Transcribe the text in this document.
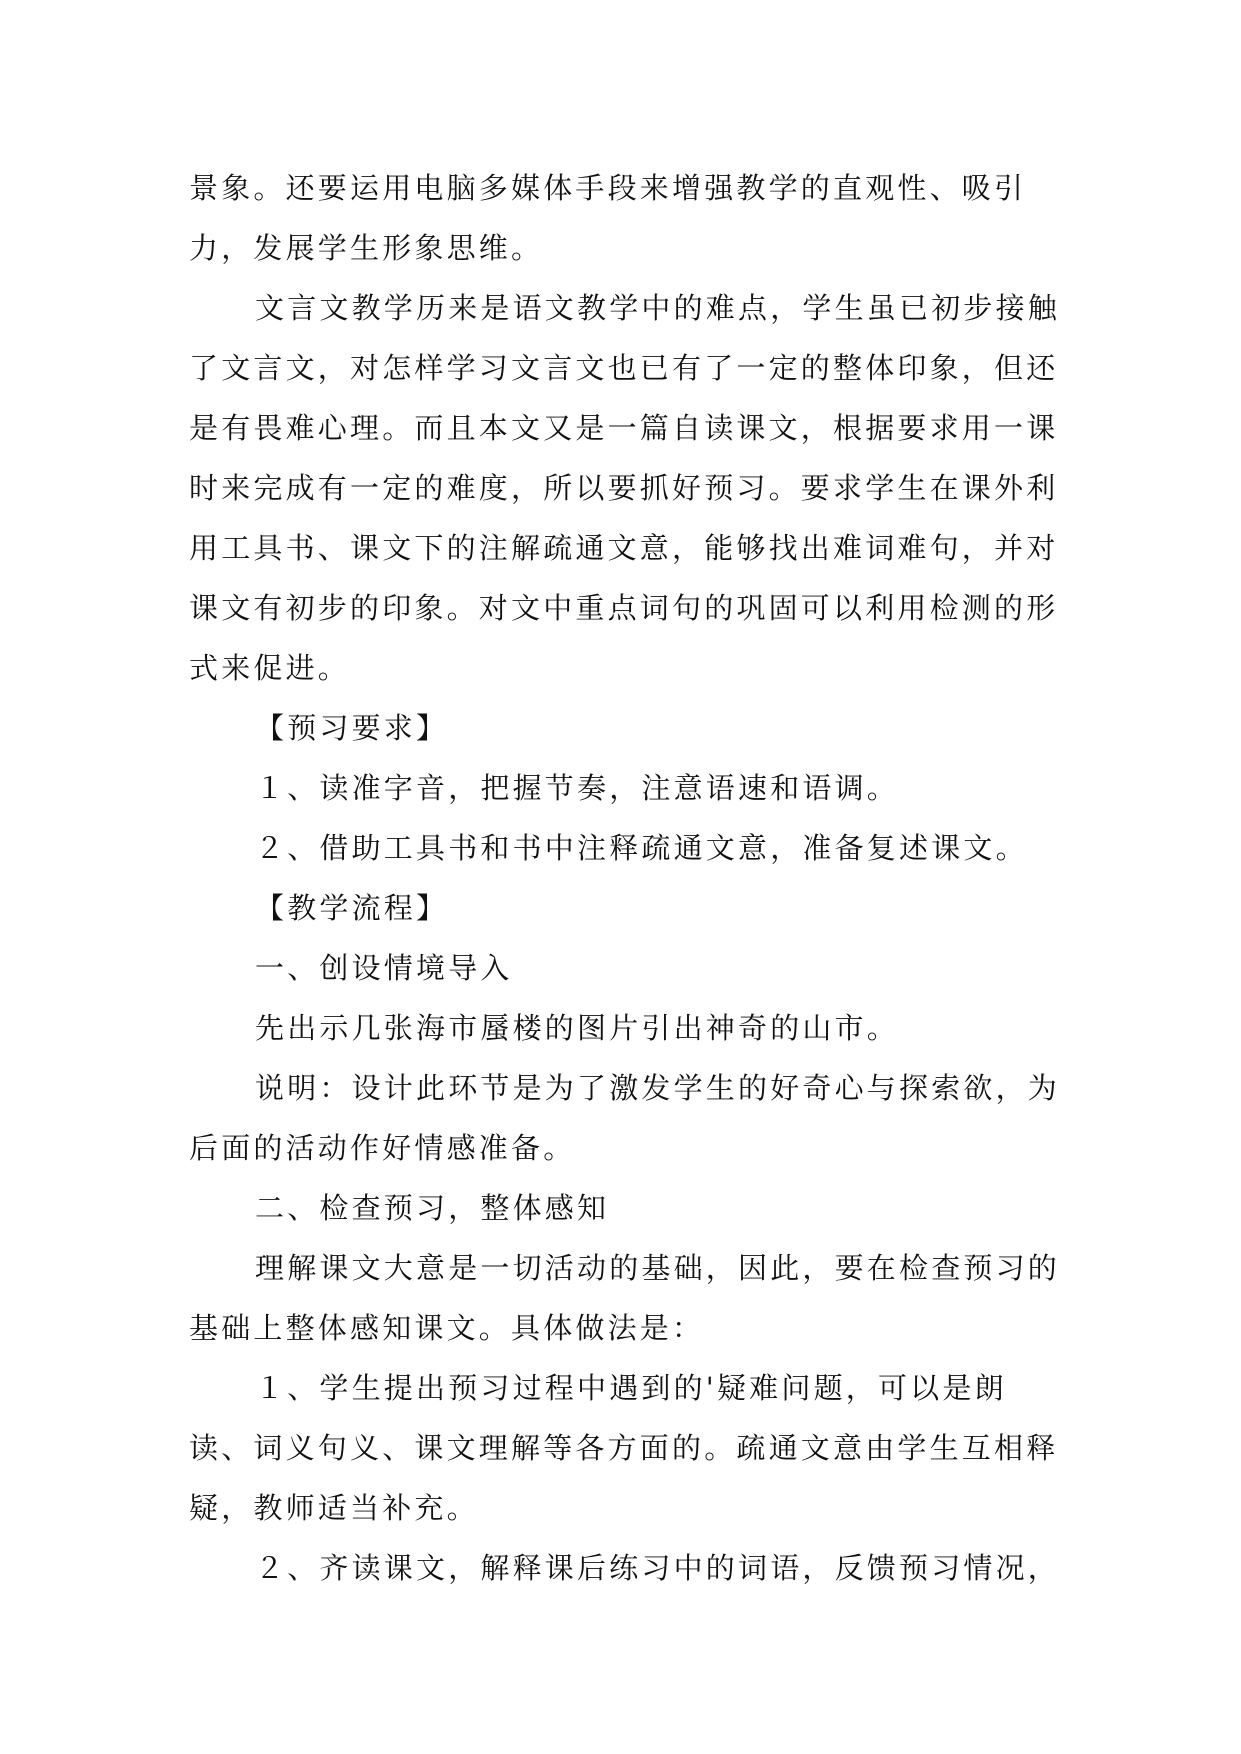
景象。还要运用电脑多媒体手段来增强教学的直观性、吸引力，发展学生形象思维。

文言文教学历来是语文教学中的难点，学生虽已初步接触了文言文，对怎样学习文言文也已有了一定的整体印象，但还是有畏难心理。而且本文又是一篇自读课文，根据要求用一课时来完成有一定的难度，所以要抓好预习。要求学生在课外利用工具书、课文下的注解疏通文意，能够找出难词难句，并对课文有初步的印象。对文中重点词句的巩固可以利用检测的形式来促进。

【预习要求】

１、读准字音，把握节奏，注意语速和语调。

２、借助工具书和书中注释疏通文意，准备复述课文。

【教学流程】

一、创设情境导入

先出示几张海市蜃楼的图片引出神奇的山市。

说明：设计此环节是为了激发学生的好奇心与探索欲，为后面的活动作好情感准备。

二、检查预习，整体感知

理解课文大意是一切活动的基础，因此，要在检查预习的基础上整体感知课文。具体做法是：

１、学生提出预习过程中遇到的'疑难问题，可以是朗读、词义句义、课文理解等各方面的。疏通文意由学生互相释疑，教师适当补充。

２、齐读课文，解释课后练习中的词语，反馈预习情况，
